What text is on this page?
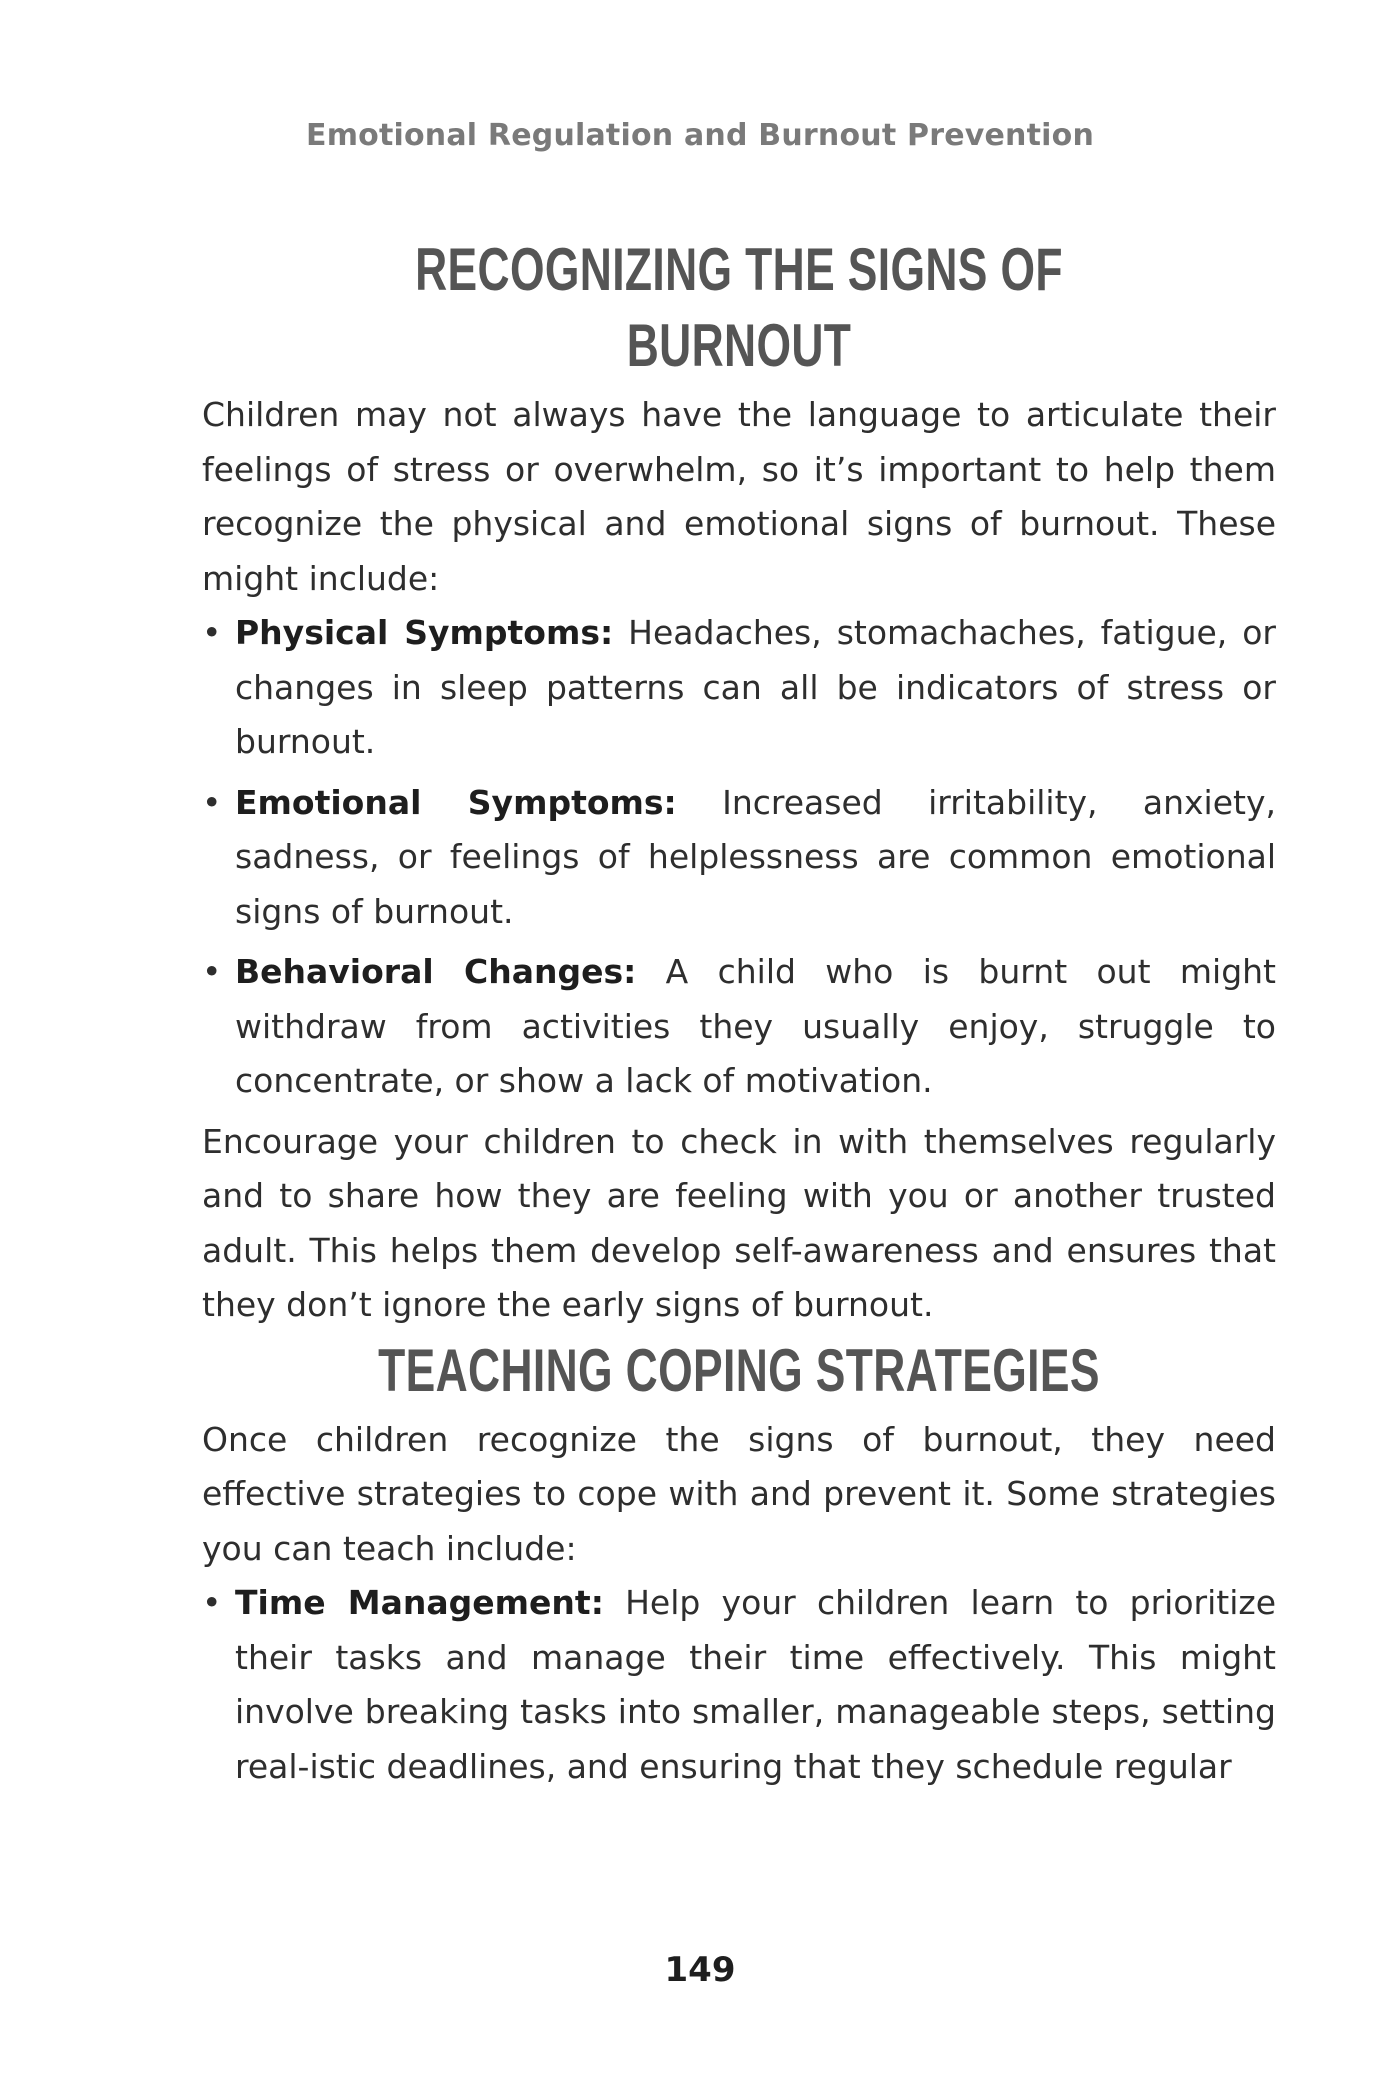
Emotional Regulation and Burnout Prevention
RECOGNIZING THE SIGNS OF BURNOUT

Children may not always have the language to articulate their feelings of stress or overwhelm, so it’s important to help them recognize the physical and emotional signs of burnout. These might include:

• Physical Symptoms: Headaches, stomachaches, fatigue, or changes in sleep patterns can all be indicators of stress or burnout.
• Emotional Symptoms: Increased irritability, anxiety, sadness, or feelings of helplessness are common emotional signs of burnout.
• Behavioral Changes: A child who is burnt out might withdraw from activities they usually enjoy, struggle to concentrate, or show a lack of motivation.

Encourage your children to check in with themselves regularly and to share how they are feeling with you or another trusted adult. This helps them develop self-awareness and ensures that they don’t ignore the early signs of burnout.

TEACHING COPING STRATEGIES

Once children recognize the signs of burnout, they need effective strategies to cope with and prevent it. Some strategies you can teach include:

• Time Management: Help your children learn to prioritize their tasks and manage their time effectively. This might involve breaking tasks into smaller, manageable steps, setting real-istic deadlines, and ensuring that they schedule regular
149
